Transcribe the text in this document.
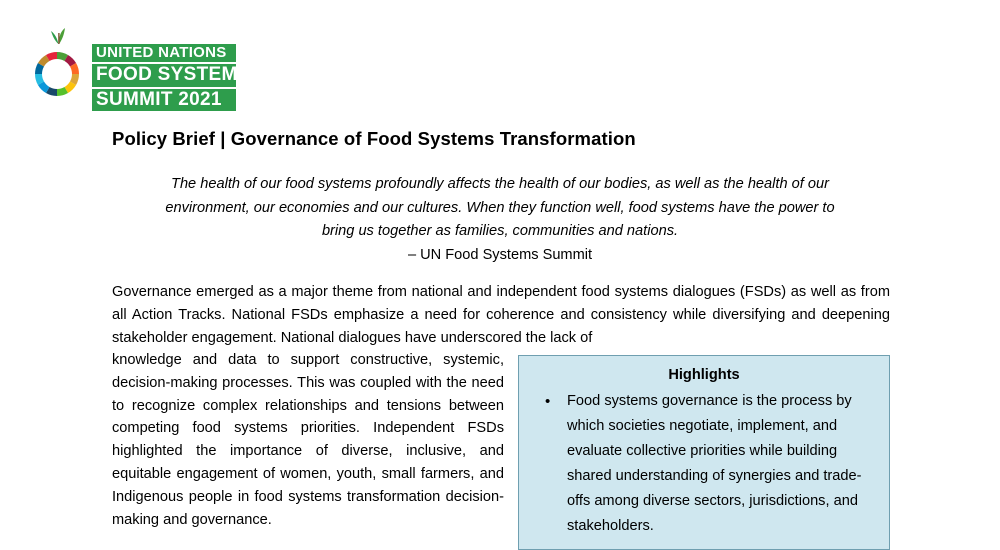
UNITED NATIONS
FOOD SYSTEMS
SUMMIT 2021
Policy Brief | Governance of Food Systems Transformation
The health of our food systems profoundly affects the health of our bodies, as well as the health of our environment, our economies and our cultures. When they function well, food systems have the power to bring us together as families, communities and nations.
– UN Food Systems Summit
Governance emerged as a major theme from national and independent food systems dialogues (FSDs) as well as from all Action Tracks. National FSDs emphasize a need for coherence and consistency while diversifying and deepening stakeholder engagement. National dialogues have underscored the lack of
knowledge and data to support constructive, systemic, decision-making processes. This was coupled with the need to recognize complex relationships and tensions between competing food systems priorities. Independent FSDs highlighted the importance of diverse, inclusive, and equitable engagement of women, youth, small farmers, and Indigenous people in food systems transformation decision-making and governance.
Highlights
• Food systems governance is the process by which societies negotiate, implement, and evaluate collective priorities while building shared understanding of synergies and trade-offs among diverse sectors, jurisdictions, and stakeholders.
